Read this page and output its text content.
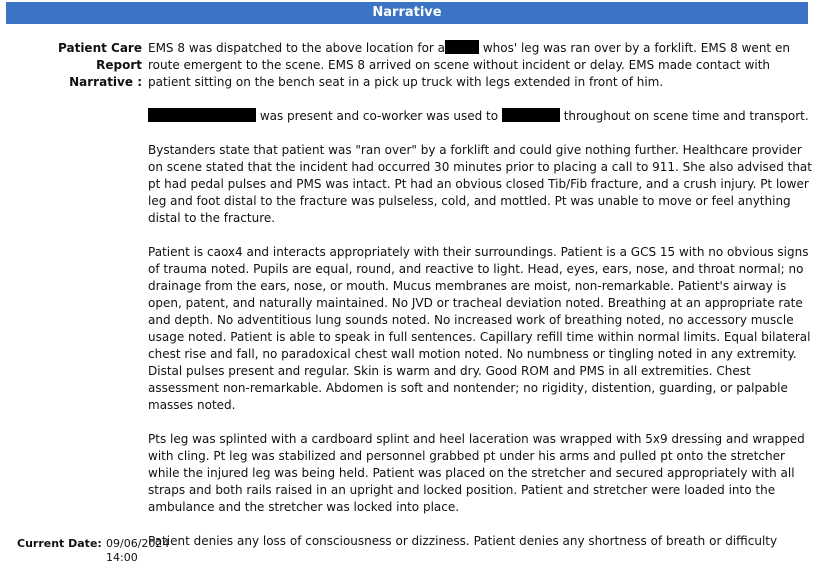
Narrative
Patient Care Report
Narrative :

EMS 8 was dispatched to the above location for a	whos' leg was ran over by a forklift. EMS 8 went en route emergent to the scene. EMS 8 arrived on scene without incident or delay. EMS made contact with patient sitting on the bench seat in a pick up truck with legs extended in front of him.

was present and co-worker was used to	throughout on scene time and transport.

Bystanders state that patient was "ran over" by a forklift and could give nothing further. Healthcare provider on scene stated that the incident had occurred 30 minutes prior to placing a call to 911. She also advised that pt had pedal pulses and PMS was intact. Pt had an obvious closed Tib/Fib fracture, and a crush injury. Pt lower leg and foot distal to the fracture was pulseless, cold, and mottled. Pt was unable to move or feel anything distal to the fracture.

Patient is caox4 and interacts appropriately with their surroundings. Patient is a GCS 15 with no obvious signs of trauma noted. Pupils are equal, round, and reactive to light. Head, eyes, ears, nose, and throat normal; no drainage from the ears, nose, or mouth. Mucus membranes are moist, non-remarkable. Patient's airway is open, patent, and naturally maintained. No JVD or tracheal deviation noted. Breathing at an appropriate rate and depth. No adventitious lung sounds noted. No increased work of breathing noted, no accessory muscle usage noted. Patient is able to speak in full sentences. Capillary refill time within normal limits. Equal bilateral chest rise and fall, no paradoxical chest wall motion noted. No numbness or tingling noted in any extremity. Distal pulses present and regular. Skin is warm and dry. Good ROM and PMS in all extremities. Chest assessment non-remarkable. Abdomen is soft and nontender; no rigidity, distention, guarding, or palpable masses noted.

Pts leg was splinted with a cardboard splint and heel laceration was wrapped with 5x9 dressing and wrapped with cling. Pt leg was stabilized and personnel grabbed pt under his arms and pulled pt onto the stretcher while the injured leg was being held. Patient was placed on the stretcher and secured appropriately with all straps and both rails raised in an upright and locked position. Patient and stretcher were loaded into the ambulance and the stretcher was locked into place.

Patient denies any loss of consciousness or dizziness. Patient denies any shortness of breath or difficulty

Current Date: 09/06/2024
14:00
